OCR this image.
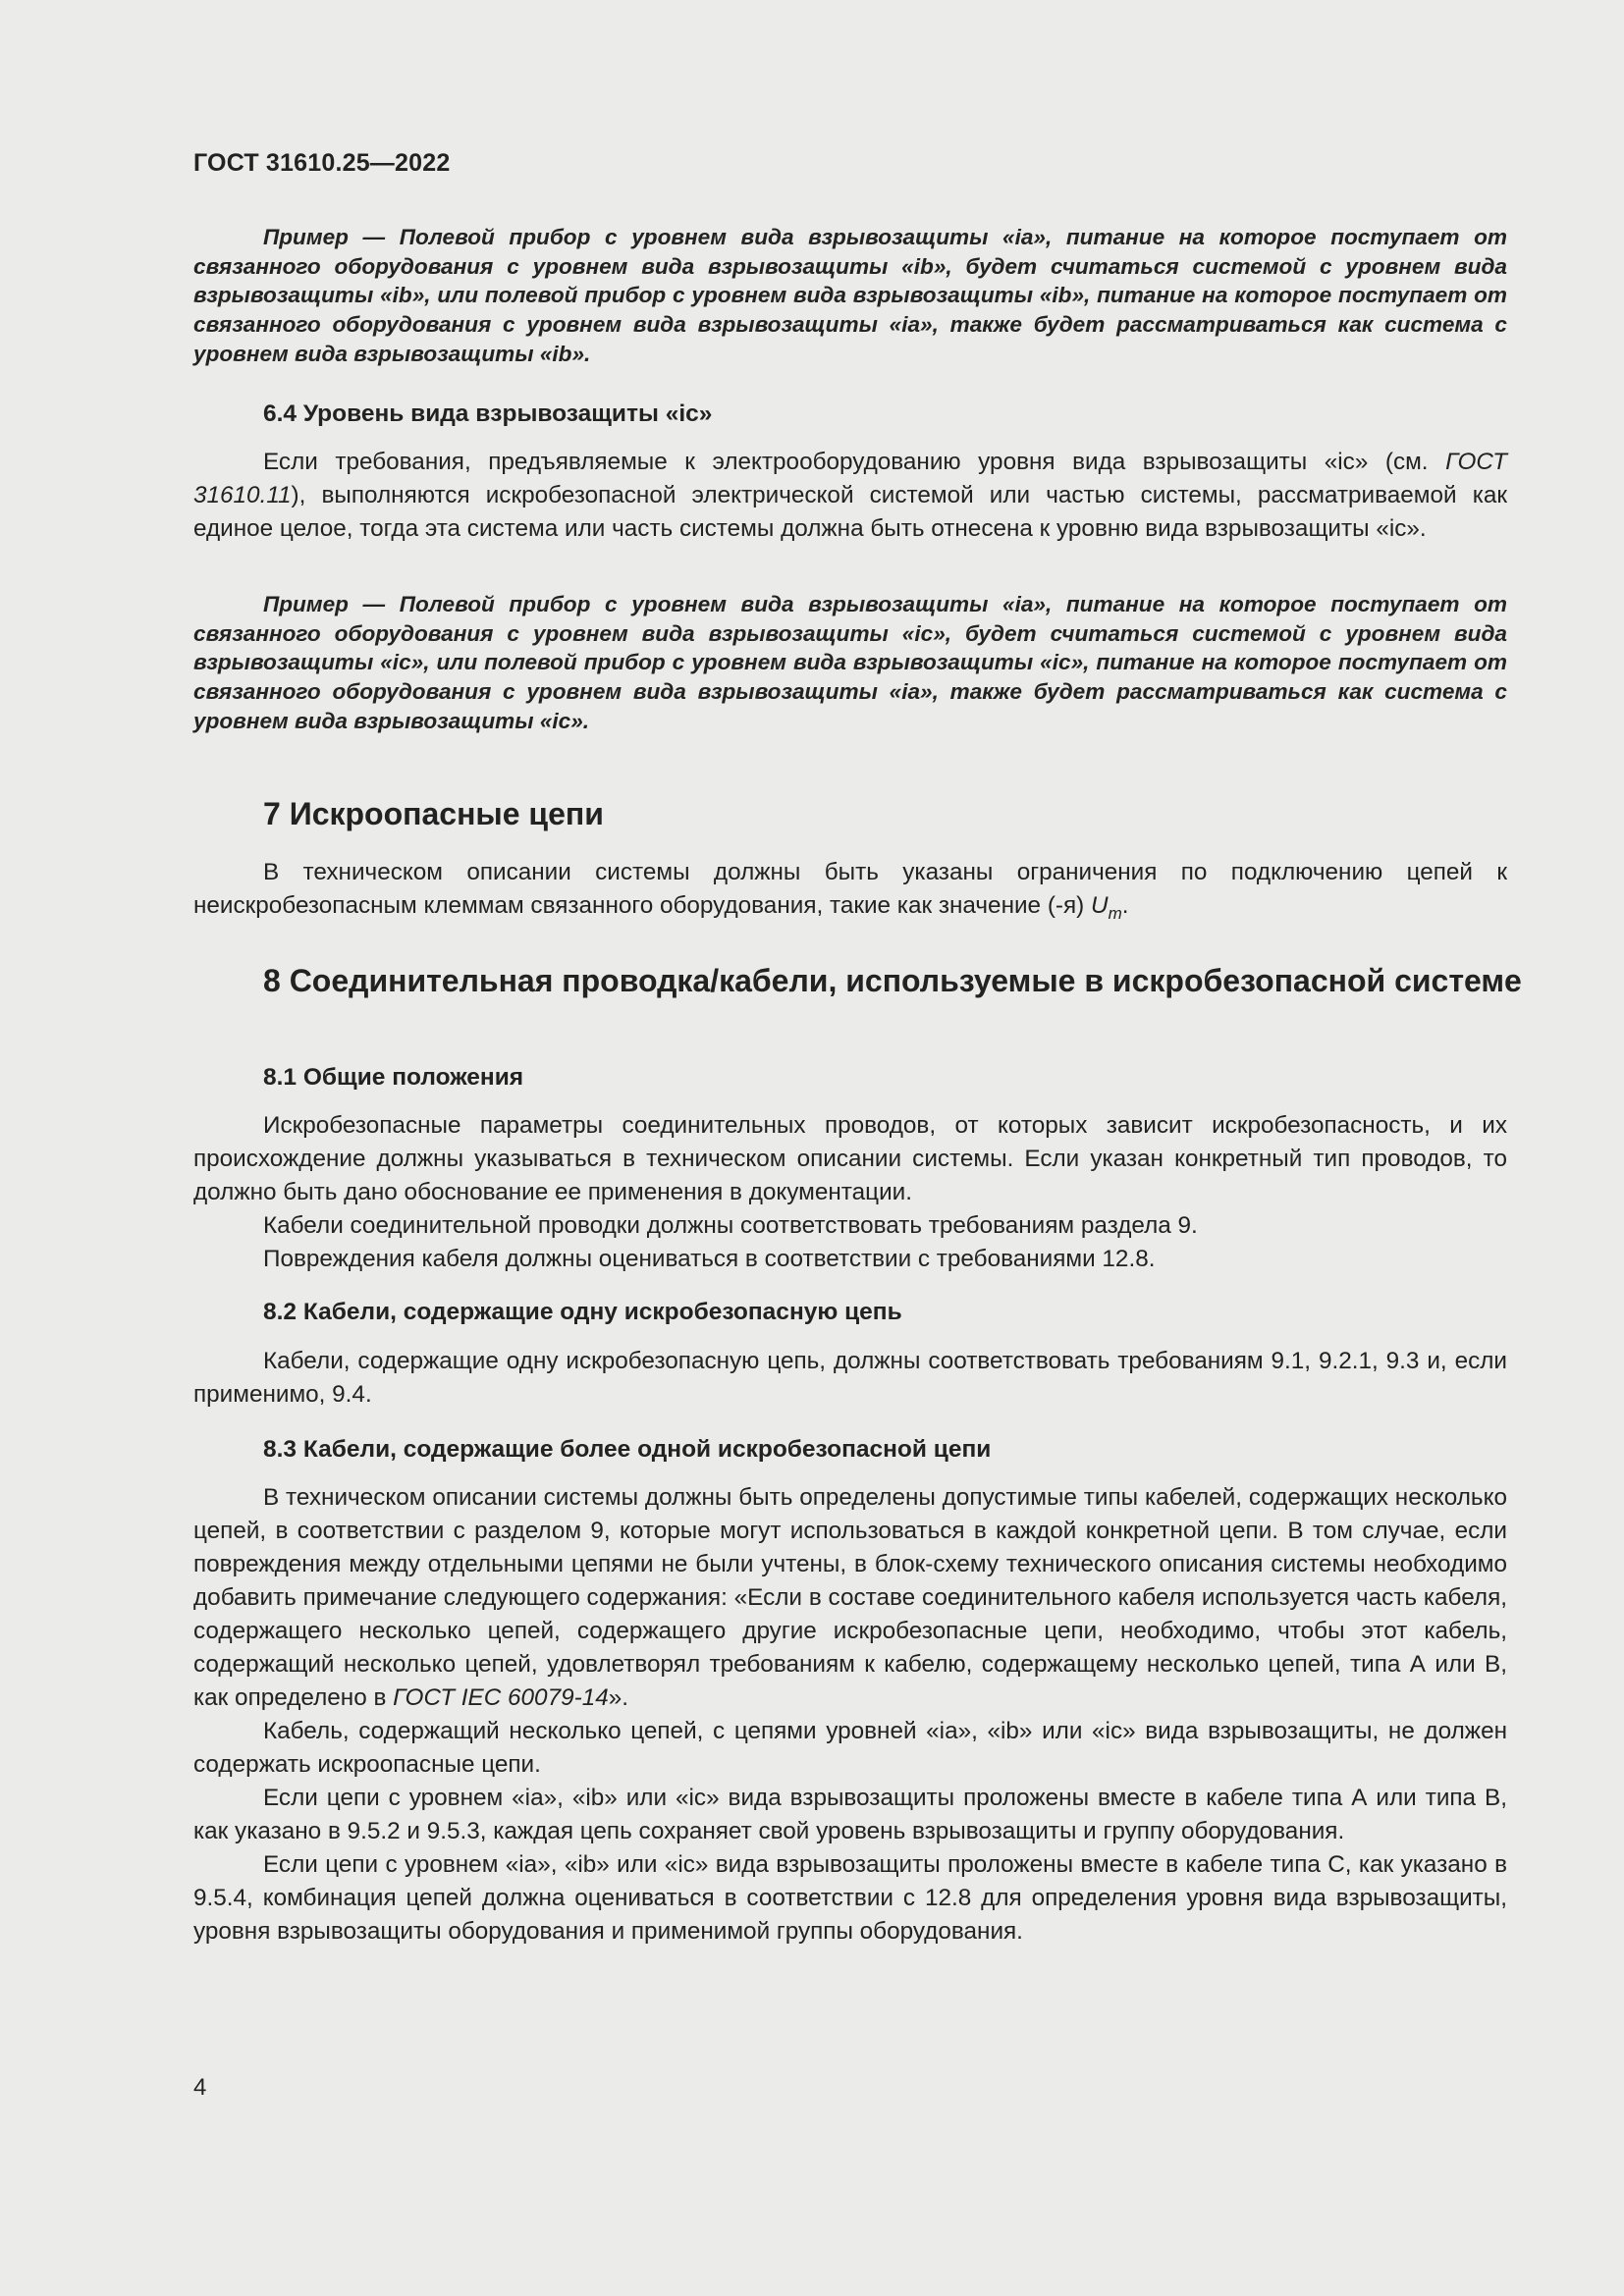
ГОСТ 31610.25—2022

Пример — Полевой прибор с уровнем вида взрывозащиты «ia», питание на которое поступает от связанного оборудования с уровнем вида взрывозащиты «ib», будет считаться системой с уровнем вида взрывозащиты «ib», или полевой прибор с уровнем вида взрывозащиты «ib», питание на которое поступает от связанного оборудования с уровнем вида взрывозащиты «ia», также будет рассматриваться как система с уровнем вида взрывозащиты «ib».

6.4 Уровень вида взрывозащиты «ic»

Если требования, предъявляемые к электрооборудованию уровня вида взрывозащиты «ic» (см. ГОСТ 31610.11), выполняются искробезопасной электрической системой или частью системы, рассматриваемой как единое целое, тогда эта система или часть системы должна быть отнесена к уровню вида взрывозащиты «ic».

Пример — Полевой прибор с уровнем вида взрывозащиты «ia», питание на которое поступает от связанного оборудования с уровнем вида взрывозащиты «ic», будет считаться системой с уровнем вида взрывозащиты «ic», или полевой прибор с уровнем вида взрывозащиты «ic», питание на которое поступает от связанного оборудования с уровнем вида взрывозащиты «ia», также будет рассматриваться как система с уровнем вида взрывозащиты «ic».

7 Искроопасные цепи

В техническом описании системы должны быть указаны ограничения по подключению цепей к неискробезопасным клеммам связанного оборудования, такие как значение (-я) $U_m$.

8 Соединительная проводка/кабели, используемые в искробезопасной системе
8.1 Общие положения

Искробезопасные параметры соединительных проводов, от которых зависит искробезопасность, и их происхождение должны указываться в техническом описании системы. Если указан конкретный тип проводов, то должно быть дано обоснование ее применения в документации.

Кабели соединительной проводки должны соответствовать требованиям раздела 9.

Повреждения кабеля должны оцениваться в соответствии с требованиями 12.8.

8.2 Кабели, содержащие одну искробезопасную цепь

Кабели, содержащие одну искробезопасную цепь, должны соответствовать требованиям 9.1, 9.2.1, 9.3 и, если применимо, 9.4.

8.3 Кабели, содержащие более одной искробезопасной цепи

В техническом описании системы должны быть определены допустимые типы кабелей, содержащих несколько цепей, в соответствии с разделом 9, которые могут использоваться в каждой конкретной цепи. В том случае, если повреждения между отдельными цепями не были учтены, в блок-схему технического описания системы необходимо добавить примечание следующего содержания: «Если в составе соединительного кабеля используется часть кабеля, содержащего несколько цепей, содержащего другие искробезопасные цепи, необходимо, чтобы этот кабель, содержащий несколько цепей, удовлетворял требованиям к кабелю, содержащему несколько цепей, типа А или В, как определено в ГОСТ IEC 60079-14».

Кабель, содержащий несколько цепей, с цепями уровней «ia», «ib» или «ic» вида взрывозащиты, не должен содержать искроопасные цепи.

Если цепи с уровнем «ia», «ib» или «ic» вида взрывозащиты проложены вместе в кабеле типа А или типа В, как указано в 9.5.2 и 9.5.3, каждая цепь сохраняет свой уровень взрывозащиты и группу оборудования.

Если цепи с уровнем «ia», «ib» или «ic» вида взрывозащиты проложены вместе в кабеле типа С, как указано в 9.5.4, комбинация цепей должна оцениваться в соответствии с 12.8 для определения уровня вида взрывозащиты, уровня взрывозащиты оборудования и применимой группы оборудования.

4
